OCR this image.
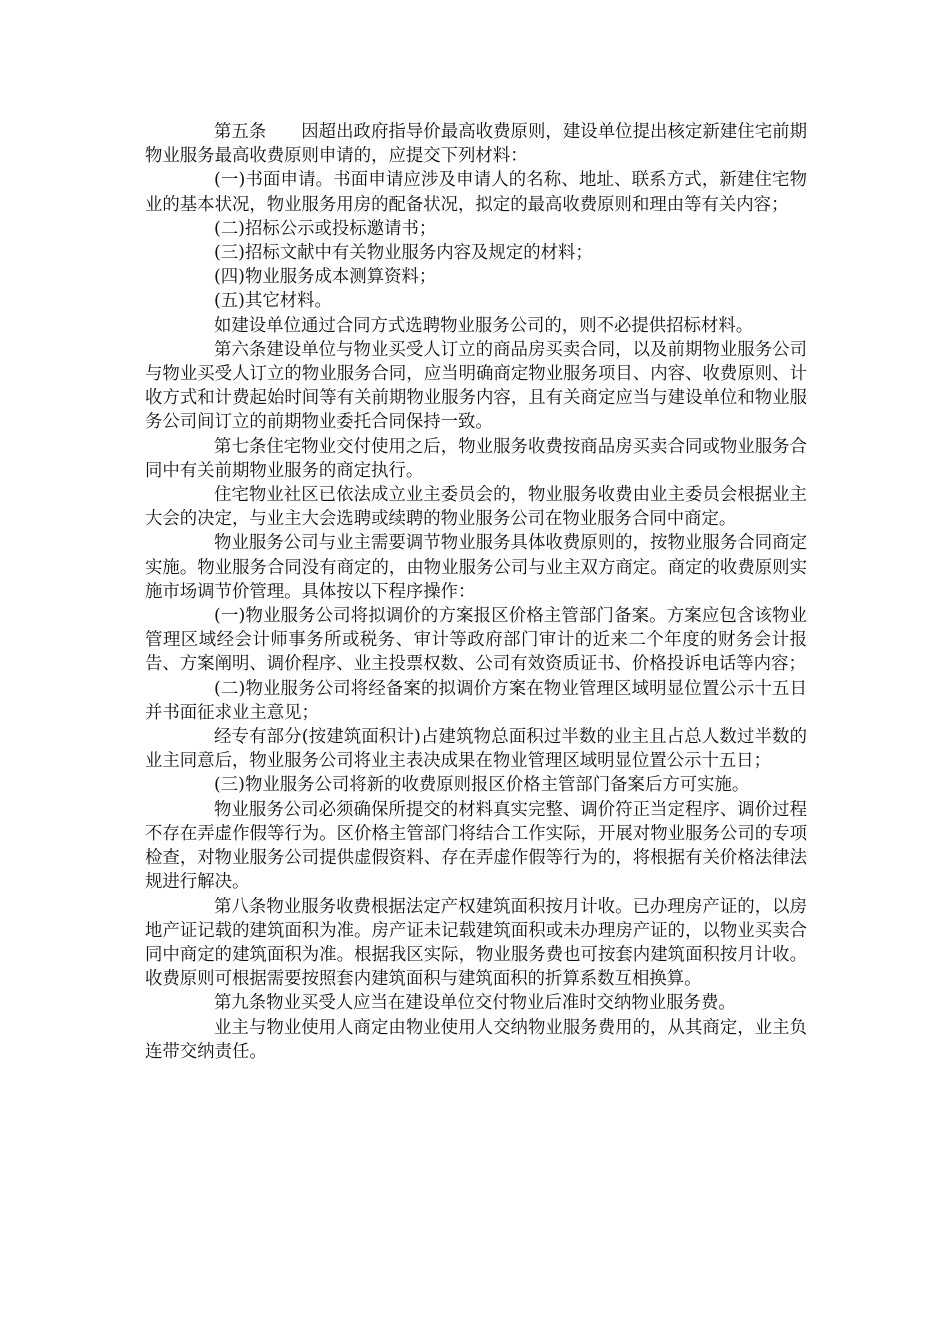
第五条　　因超出政府指导价最高收费原则，建设单位提出核定新建住宅前期物业服务最高收费原则申请的，应提交下列材料：

(一)书面申请。书面申请应涉及申请人的名称、地址、联系方式，新建住宅物业的基本状况，物业服务用房的配备状况，拟定的最高收费原则和理由等有关内容；

(二)招标公示或投标邀请书；

(三)招标文献中有关物业服务内容及规定的材料；

(四)物业服务成本测算资料；

(五)其它材料。

如建设单位通过合同方式选聘物业服务公司的，则不必提供招标材料。

第六条建设单位与物业买受人订立的商品房买卖合同，以及前期物业服务公司与物业买受人订立的物业服务合同，应当明确商定物业服务项目、内容、收费原则、计收方式和计费起始时间等有关前期物业服务内容，且有关商定应当与建设单位和物业服务公司间订立的前期物业委托合同保持一致。

第七条住宅物业交付使用之后，物业服务收费按商品房买卖合同或物业服务合同中有关前期物业服务的商定执行。

住宅物业社区已依法成立业主委员会的，物业服务收费由业主委员会根据业主大会的决定，与业主大会选聘或续聘的物业服务公司在物业服务合同中商定。

物业服务公司与业主需要调节物业服务具体收费原则的，按物业服务合同商定实施。物业服务合同没有商定的，由物业服务公司与业主双方商定。商定的收费原则实施市场调节价管理。具体按以下程序操作：

(一)物业服务公司将拟调价的方案报区价格主管部门备案。方案应包含该物业管理区域经会计师事务所或税务、审计等政府部门审计的近来二个年度的财务会计报告、方案阐明、调价程序、业主投票权数、公司有效资质证书、价格投诉电话等内容；

(二)物业服务公司将经备案的拟调价方案在物业管理区域明显位置公示十五日并书面征求业主意见；

经专有部分(按建筑面积计)占建筑物总面积过半数的业主且占总人数过半数的业主同意后，物业服务公司将业主表决成果在物业管理区域明显位置公示十五日；

(三)物业服务公司将新的收费原则报区价格主管部门备案后方可实施。

物业服务公司必须确保所提交的材料真实完整、调价符正当定程序、调价过程不存在弄虚作假等行为。区价格主管部门将结合工作实际，开展对物业服务公司的专项检查，对物业服务公司提供虚假资料、存在弄虚作假等行为的，将根据有关价格法律法规进行解决。

第八条物业服务收费根据法定产权建筑面积按月计收。已办理房产证的，以房地产证记载的建筑面积为准。房产证未记载建筑面积或未办理房产证的，以物业买卖合同中商定的建筑面积为准。根据我区实际，物业服务费也可按套内建筑面积按月计收。收费原则可根据需要按照套内建筑面积与建筑面积的折算系数互相换算。

第九条物业买受人应当在建设单位交付物业后准时交纳物业服务费。

业主与物业使用人商定由物业使用人交纳物业服务费用的，从其商定，业主负连带交纳责任。
